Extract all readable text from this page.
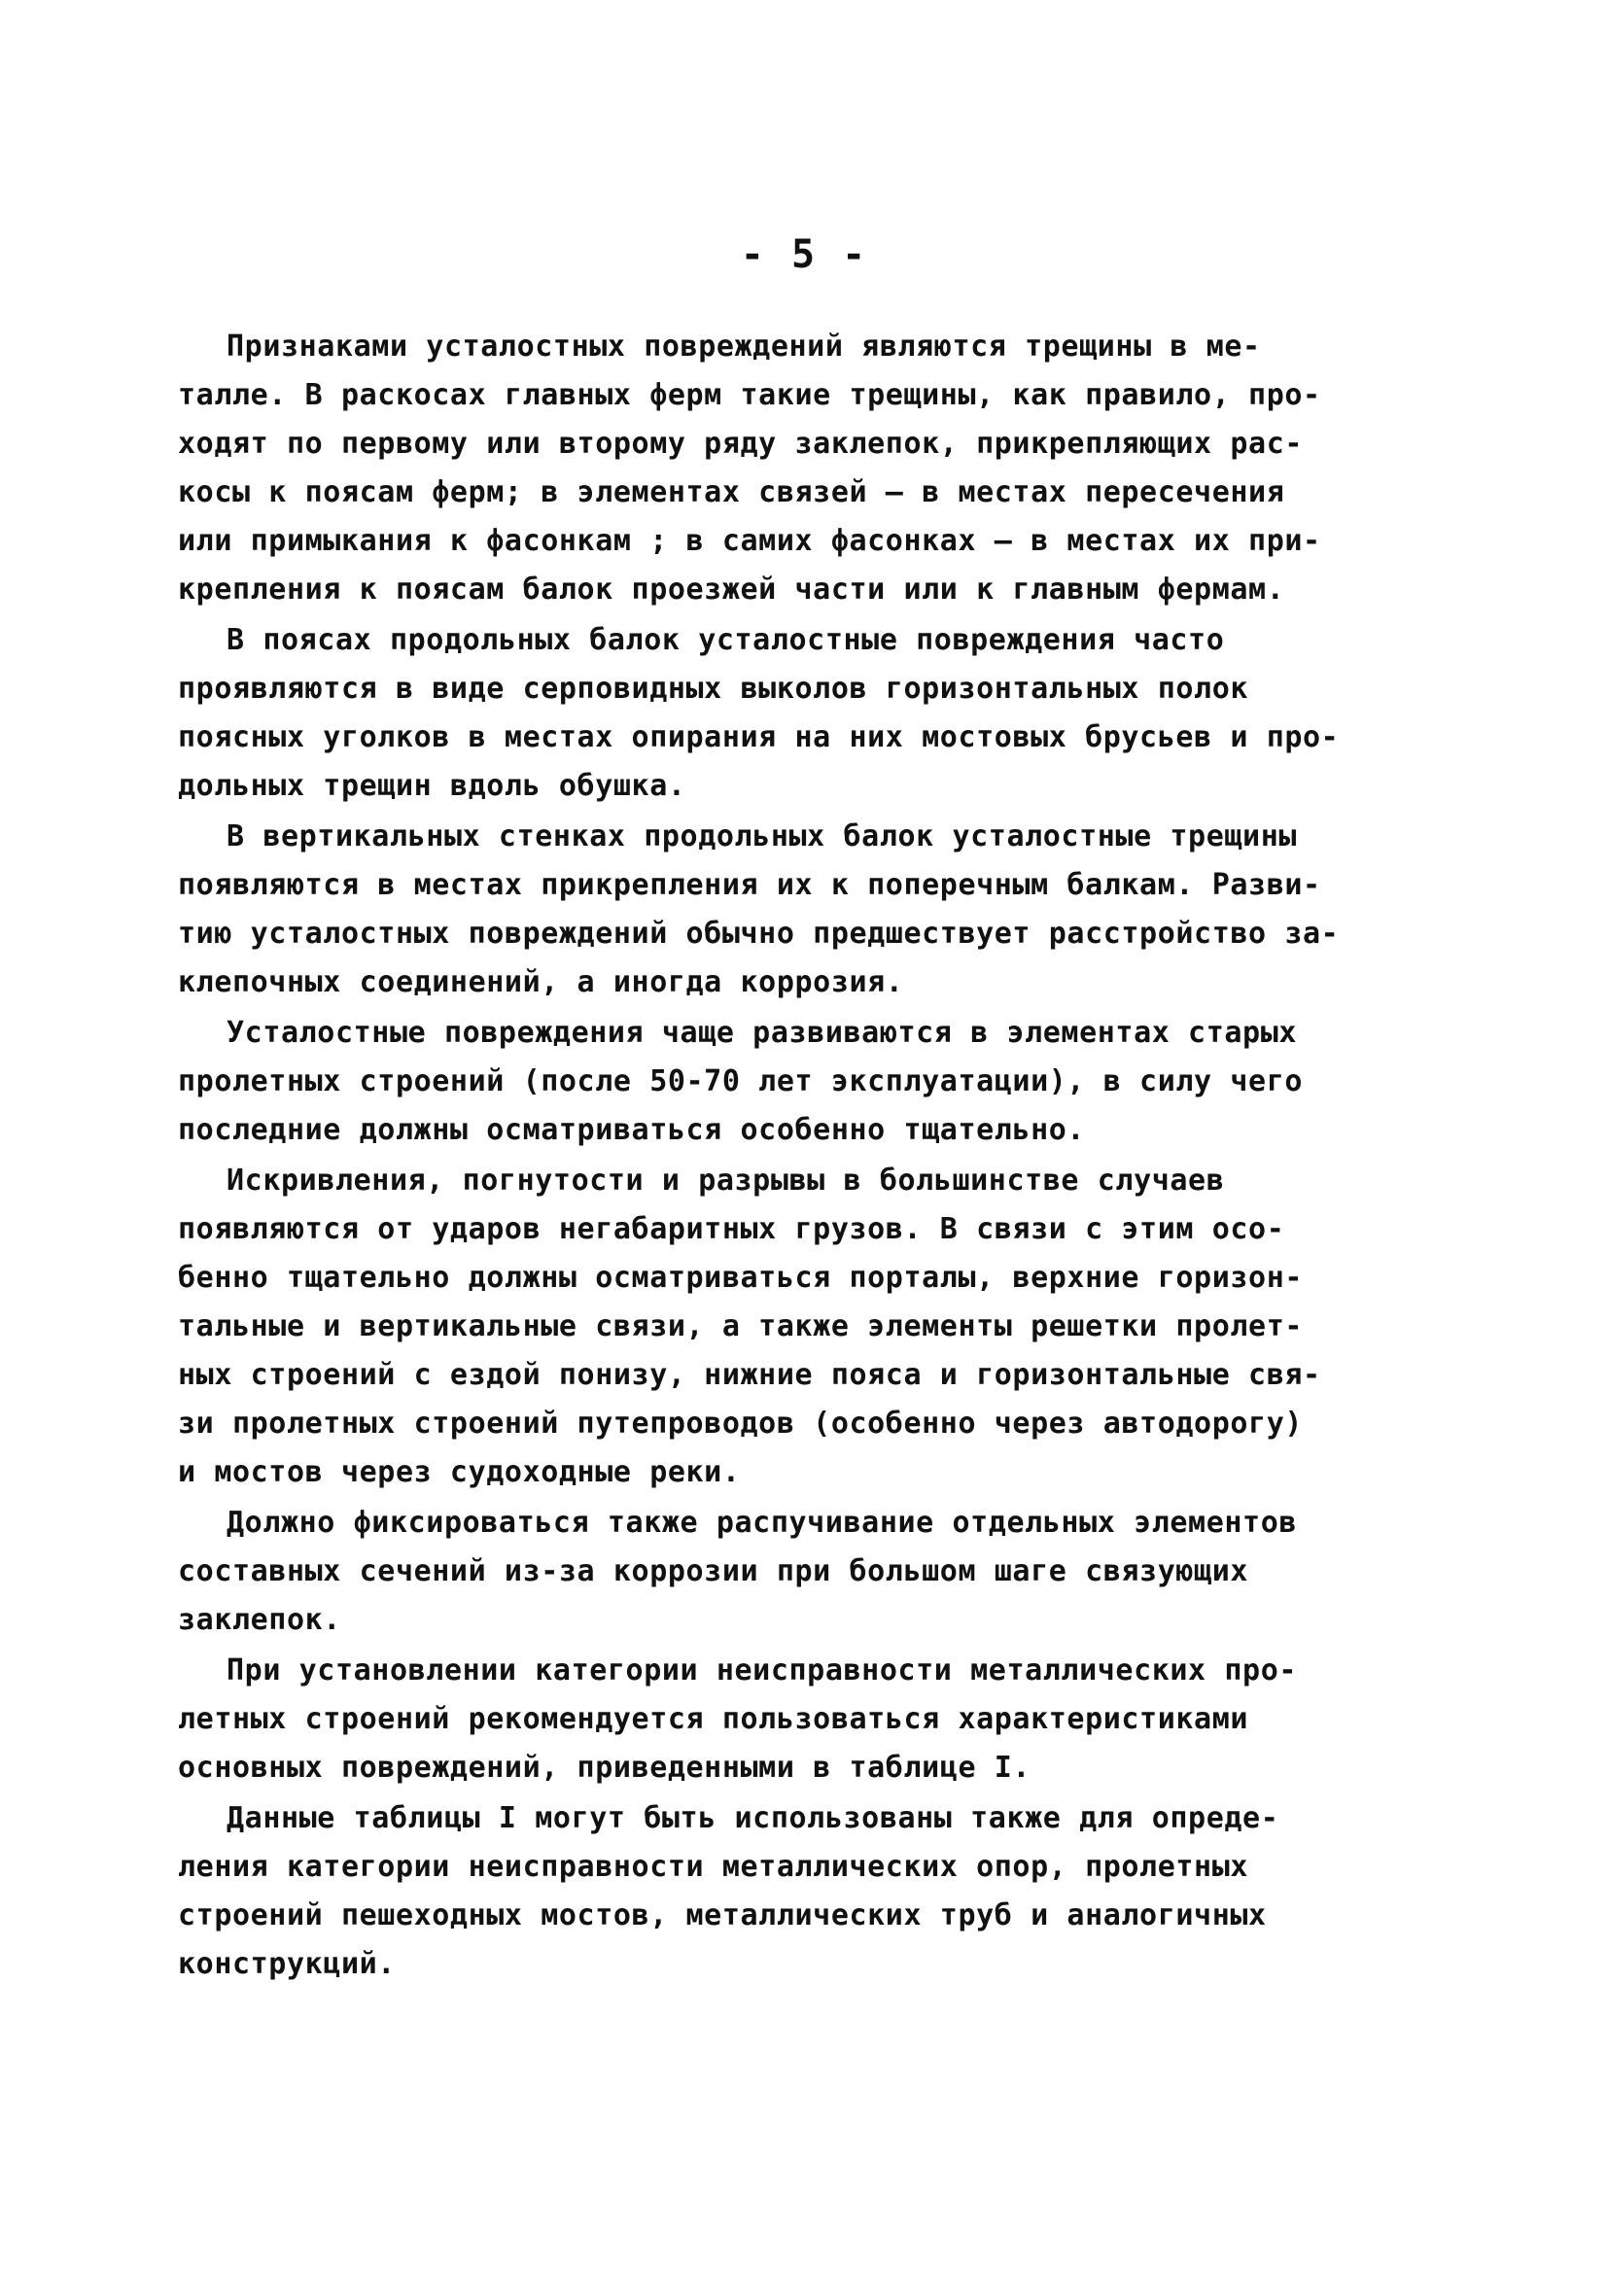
- 5 -
Признаками усталостных повреждений являются трещины в ме-
талле. В раскосах главных ферм такие трещины, как правило, про-
ходят по первому или второму ряду заклепок, прикрепляющих рас-
косы к поясам ферм; в элементах связей – в местах пересечения
или примыкания к фасонкам ; в самих фасонках – в местах их при-
крепления к поясам балок проезжей части или к главным фермам.
В поясах продольных балок усталостные повреждения часто
проявляются в виде серповидных выколов горизонтальных полок
поясных уголков в местах опирания на них мостовых брусьев и про-
дольных трещин вдоль обушка.
В вертикальных стенках продольных балок усталостные трещины
появляются в местах прикрепления их к поперечным балкам. Разви-
тию усталостных повреждений обычно предшествует расстройство за-
клепочных соединений, а иногда коррозия.
Усталостные повреждения чаще развиваются в элементах старых
пролетных строений (после 50-70 лет эксплуатации), в силу чего
последние должны осматриваться особенно тщательно.
Искривления, погнутости и разрывы в большинстве случаев
появляются от ударов негабаритных грузов. В связи с этим осо-
бенно тщательно должны осматриваться порталы, верхние горизон-
тальные и вертикальные связи, а также элементы решетки пролет-
ных строений с ездой понизу, нижние пояса и горизонтальные свя-
зи пролетных строений путепроводов (особенно через автодорогу)
и мостов через судоходные реки.
Должно фиксироваться также распучивание отдельных элементов
составных сечений из-за коррозии при большом шаге связующих
заклепок.
При установлении категории неисправности металлических про-
летных строений рекомендуется пользоваться характеристиками
основных повреждений, приведенными в таблице I.
Данные таблицы I могут быть использованы также для опреде-
ления категории неисправности металлических опор, пролетных
строений пешеходных мостов, металлических труб и аналогичных
конструкций.
